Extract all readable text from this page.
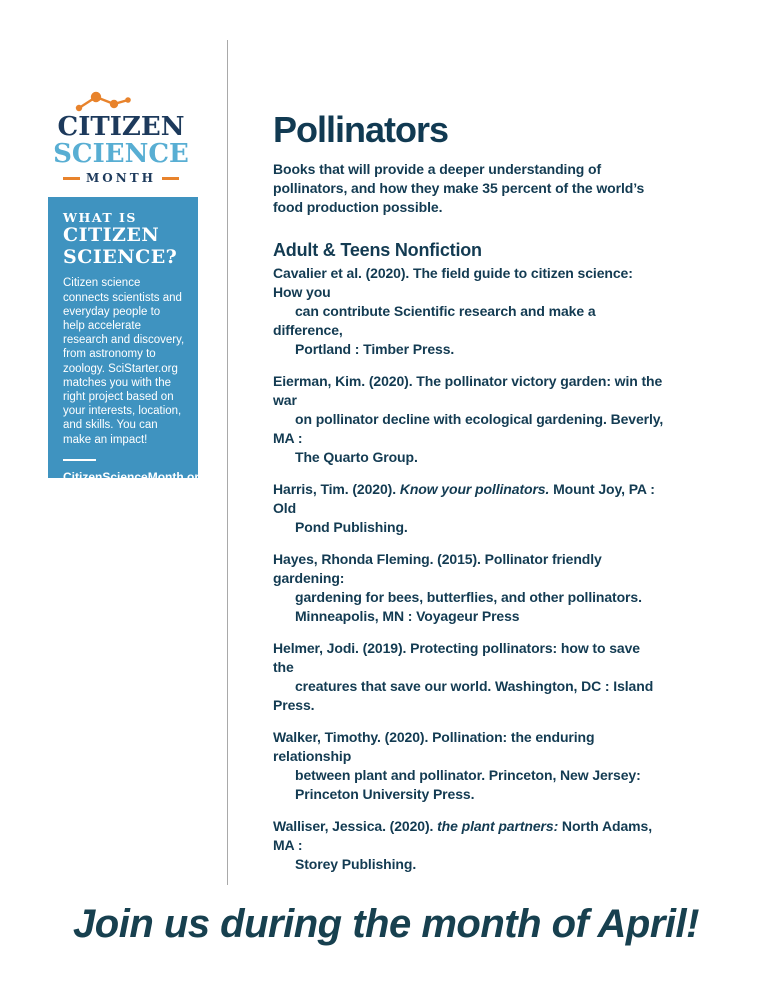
CITIZEN
SCIENCE
MONTH
WHAT IS
CITIZEN
SCIENCE?
Citizen science connects scientists and everyday people to help accelerate research and discovery, from astronomy to zoology. SciStarter.org matches you with the right project based on your interests, location, and skills. You can make an impact!
CitizenScienceMonth.org
Pollinators
Books that will provide a deeper understanding of
pollinators, and how they make 35 percent of the world’s
food production possible.
Adult & Teens Nonfiction
Cavalier et al. (2020). The field guide to citizen science:
How you
can contribute Scientific research and make a
difference,
Portland : Timber Press.
Eierman, Kim. (2020). The pollinator victory garden: win the
war
on pollinator decline with ecological gardening. Beverly,
MA :
The Quarto Group.
Harris, Tim. (2020). Know your pollinators. Mount Joy, PA :
Old
Pond Publishing.
Hayes, Rhonda Fleming. (2015). Pollinator friendly
gardening:
gardening for bees, butterflies, and other pollinators.
Minneapolis, MN : Voyageur Press
Helmer, Jodi. (2019). Protecting pollinators: how to save
the
creatures that save our world. Washington, DC : Island
Press.
Walker, Timothy. (2020). Pollination: the enduring
relationship
between plant and pollinator. Princeton, New Jersey:
Princeton University Press.
Walliser, Jessica. (2020). the plant partners: North Adams,
MA :
Storey Publishing.
Join us during the month of April!
